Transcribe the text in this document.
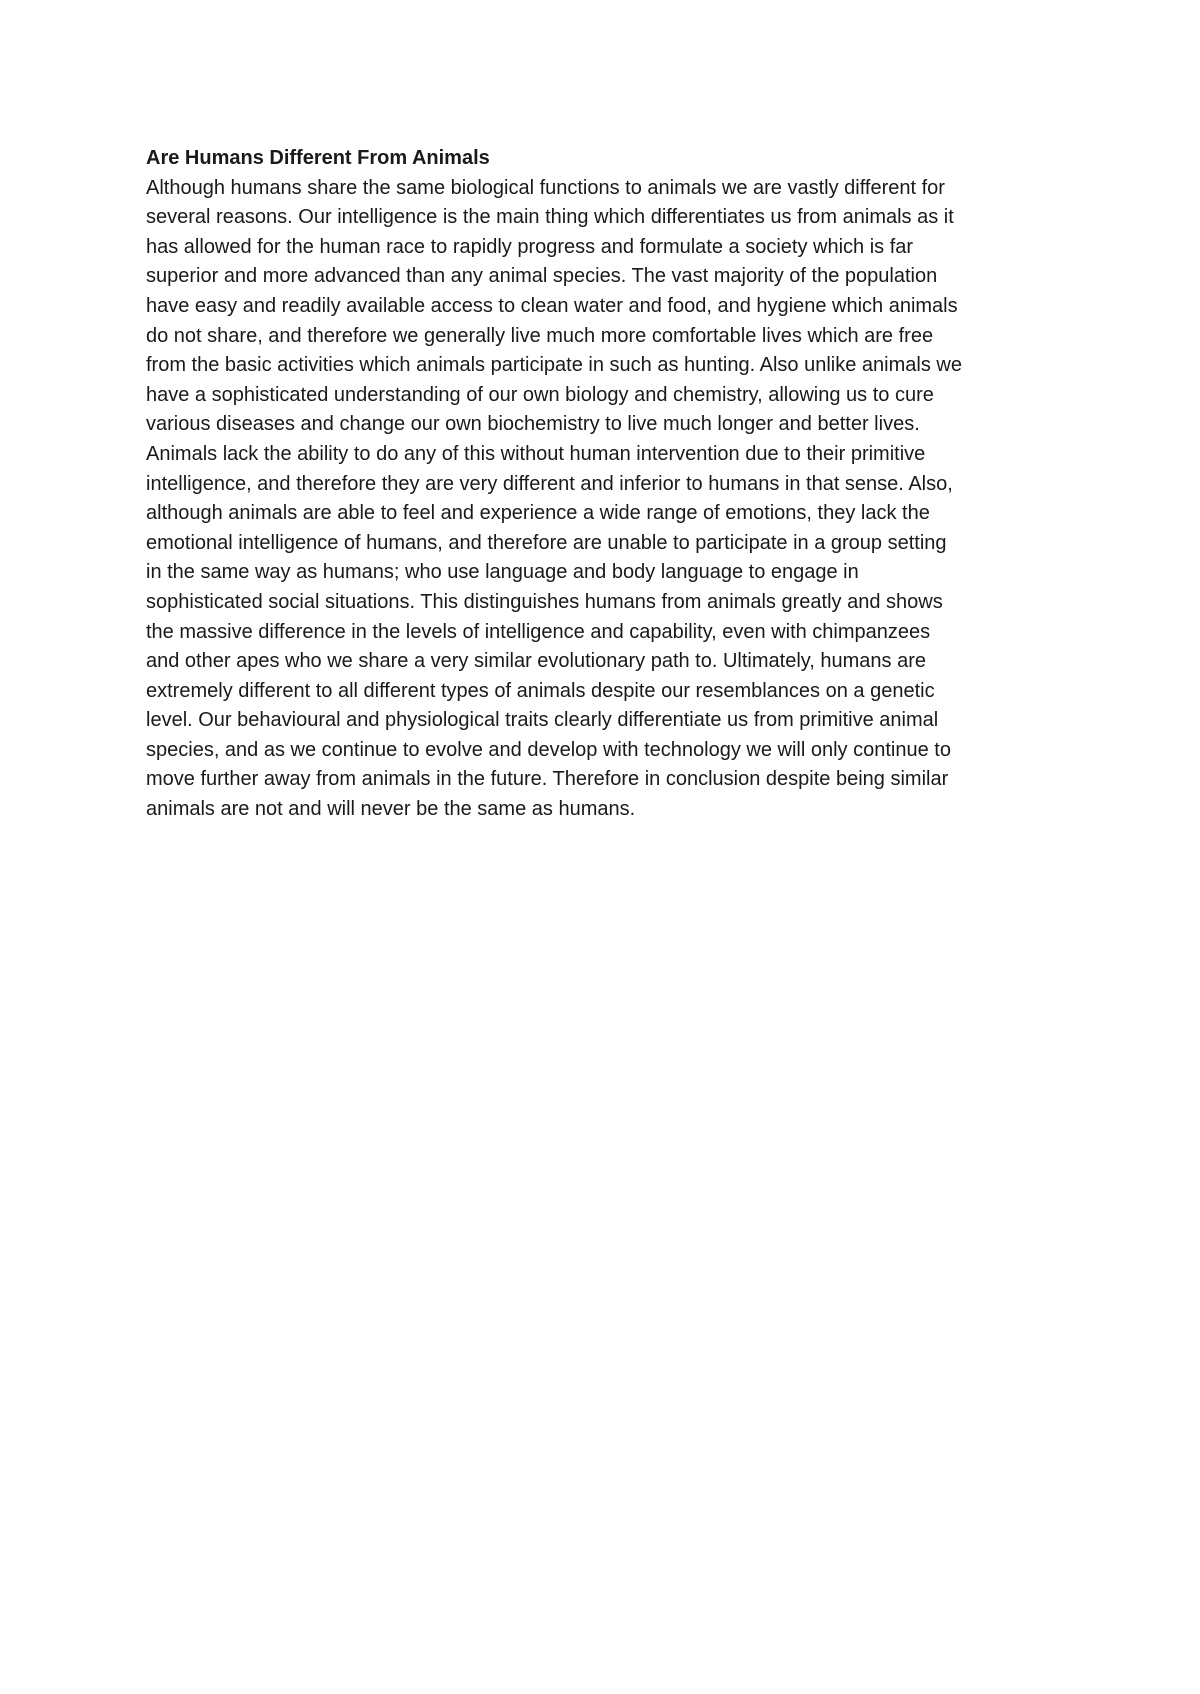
Are Humans Different From Animals

Although humans share the same biological functions to animals we are vastly different for
several reasons. Our intelligence is the main thing which differentiates us from animals as it
has allowed for the human race to rapidly progress and formulate a society which is far
superior and more advanced than any animal species. The vast majority of the population
have easy and readily available access to clean water and food, and hygiene which animals
do not share, and therefore we generally live much more comfortable lives which are free
from the basic activities which animals participate in such as hunting. Also unlike animals we
have a sophisticated understanding of our own biology and chemistry, allowing us to cure
various diseases and change our own biochemistry to live much longer and better lives.
Animals lack the ability to do any of this without human intervention due to their primitive
intelligence, and therefore they are very different and inferior to humans in that sense. Also,
although animals are able to feel and experience a wide range of emotions, they lack the
emotional intelligence of humans, and therefore are unable to participate in a group setting
in the same way as humans; who use language and body language to engage in
sophisticated social situations. This distinguishes humans from animals greatly and shows
the massive difference in the levels of intelligence and capability, even with chimpanzees
and other apes who we share a very similar evolutionary path to. Ultimately, humans are
extremely different to all different types of animals despite our resemblances on a genetic
level. Our behavioural and physiological traits clearly differentiate us from primitive animal
species, and as we continue to evolve and develop with technology we will only continue to
move further away from animals in the future. Therefore in conclusion despite being similar
animals are not and will never be the same as humans.
